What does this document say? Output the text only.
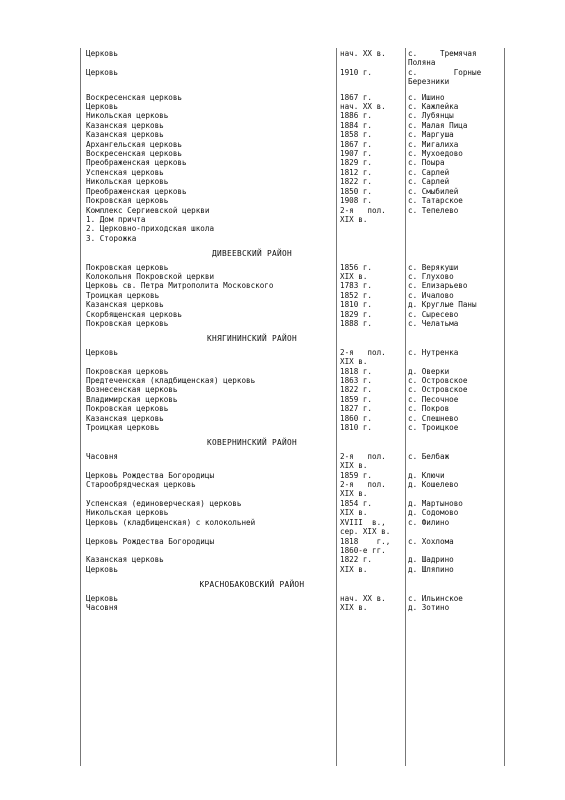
Церковь	нач. XX в.	с.     Тремячая
Поляна
Церковь	1910 г.	с.        Горные
Березники
Воскресенская церковь	1867 г.	с. Ишино
Церковь	нач. XX в.	с. Кажлейка
Никольская церковь	1886 г.	с. Лубянцы
Казанская церковь	1884 г.	с. Малая Пица
Казанская церковь	1858 г.	с. Маргуша
Архангельская церковь	1867 г.	с. Мигалиха
Воскресенская церковь	1907 г.	с. Мухоедово
Преображенская церковь	1829 г.	с. Поыра
Успенская церковь	1812 г.	с. Сарлей
Никольская церковь	1822 г.	с. Сарлей
Преображенская церковь	1850 г.	с. Смыбилей
Покровская церковь	1908 г.	с. Татарское
Комплекс Сергиевской церкви	2-я   пол.	с. Тепелево
1. Дом причта	XIX в.
2. Церковно-приходская школа
3. Сторожка
ДИВЕЕВСКИЙ РАЙОН
Покровская церковь	1856 г.	с. Верякуши
Колокольня Покровской церкви	XIX в.	с. Глухово
Церковь св. Петра Митрополита Московского	1783 г.	с. Елизарьево
Троицкая церковь	1852 г.	с. Ичалово
Казанская церковь	1810 г.	д. Круглые Паны
Скорбященская церковь	1829 г.	с. Сыресево
Покровская церковь	1888 г.	с. Челатьма
КНЯГИНИНСКИЙ РАЙОН
Церковь	2-я   пол.	с. Нутренка
XIX в.
Покровская церковь	1818 г.	д. Оверки
Предтеченская (кладбищенская) церковь	1863 г.	с. Островское
Вознесенская церковь	1822 г.	с. Островское
Владимирская церковь	1859 г.	с. Песочное
Покровская церковь	1827 г.	с. Покров
Казанская церковь	1860 г.	с. Спешнево
Троицкая церковь	1810 г.	с. Троицкое
КОВЕРНИНСКИЙ РАЙОН
Часовня	2-я   пол.	с. Белбаж
XIX в.
Церковь Рождества Богородицы	1859 г.	д. Ключи
Старообрядческая церковь	2-я   пол.	д. Кошелево
XIX в.
Успенская (единоверческая) церковь	1854 г.	д. Мартыново
Никольская церковь	XIX в.	д. Содомово
Церковь (кладбищенская) с колокольней	XVIII  в.,	с. Филино
сер. XIX в.
Церковь Рождества Богородицы	1818    г.,	с. Хохлома
1860-е гг.
Казанская церковь	1822 г.	д. Шадрино
Церковь	XIX в.	д. Шляпино
КРАСНОБАКОВСКИЙ РАЙОН
Церковь	нач. XX в.	с. Ильинское
Часовня	XIX в.	д. Зотино
